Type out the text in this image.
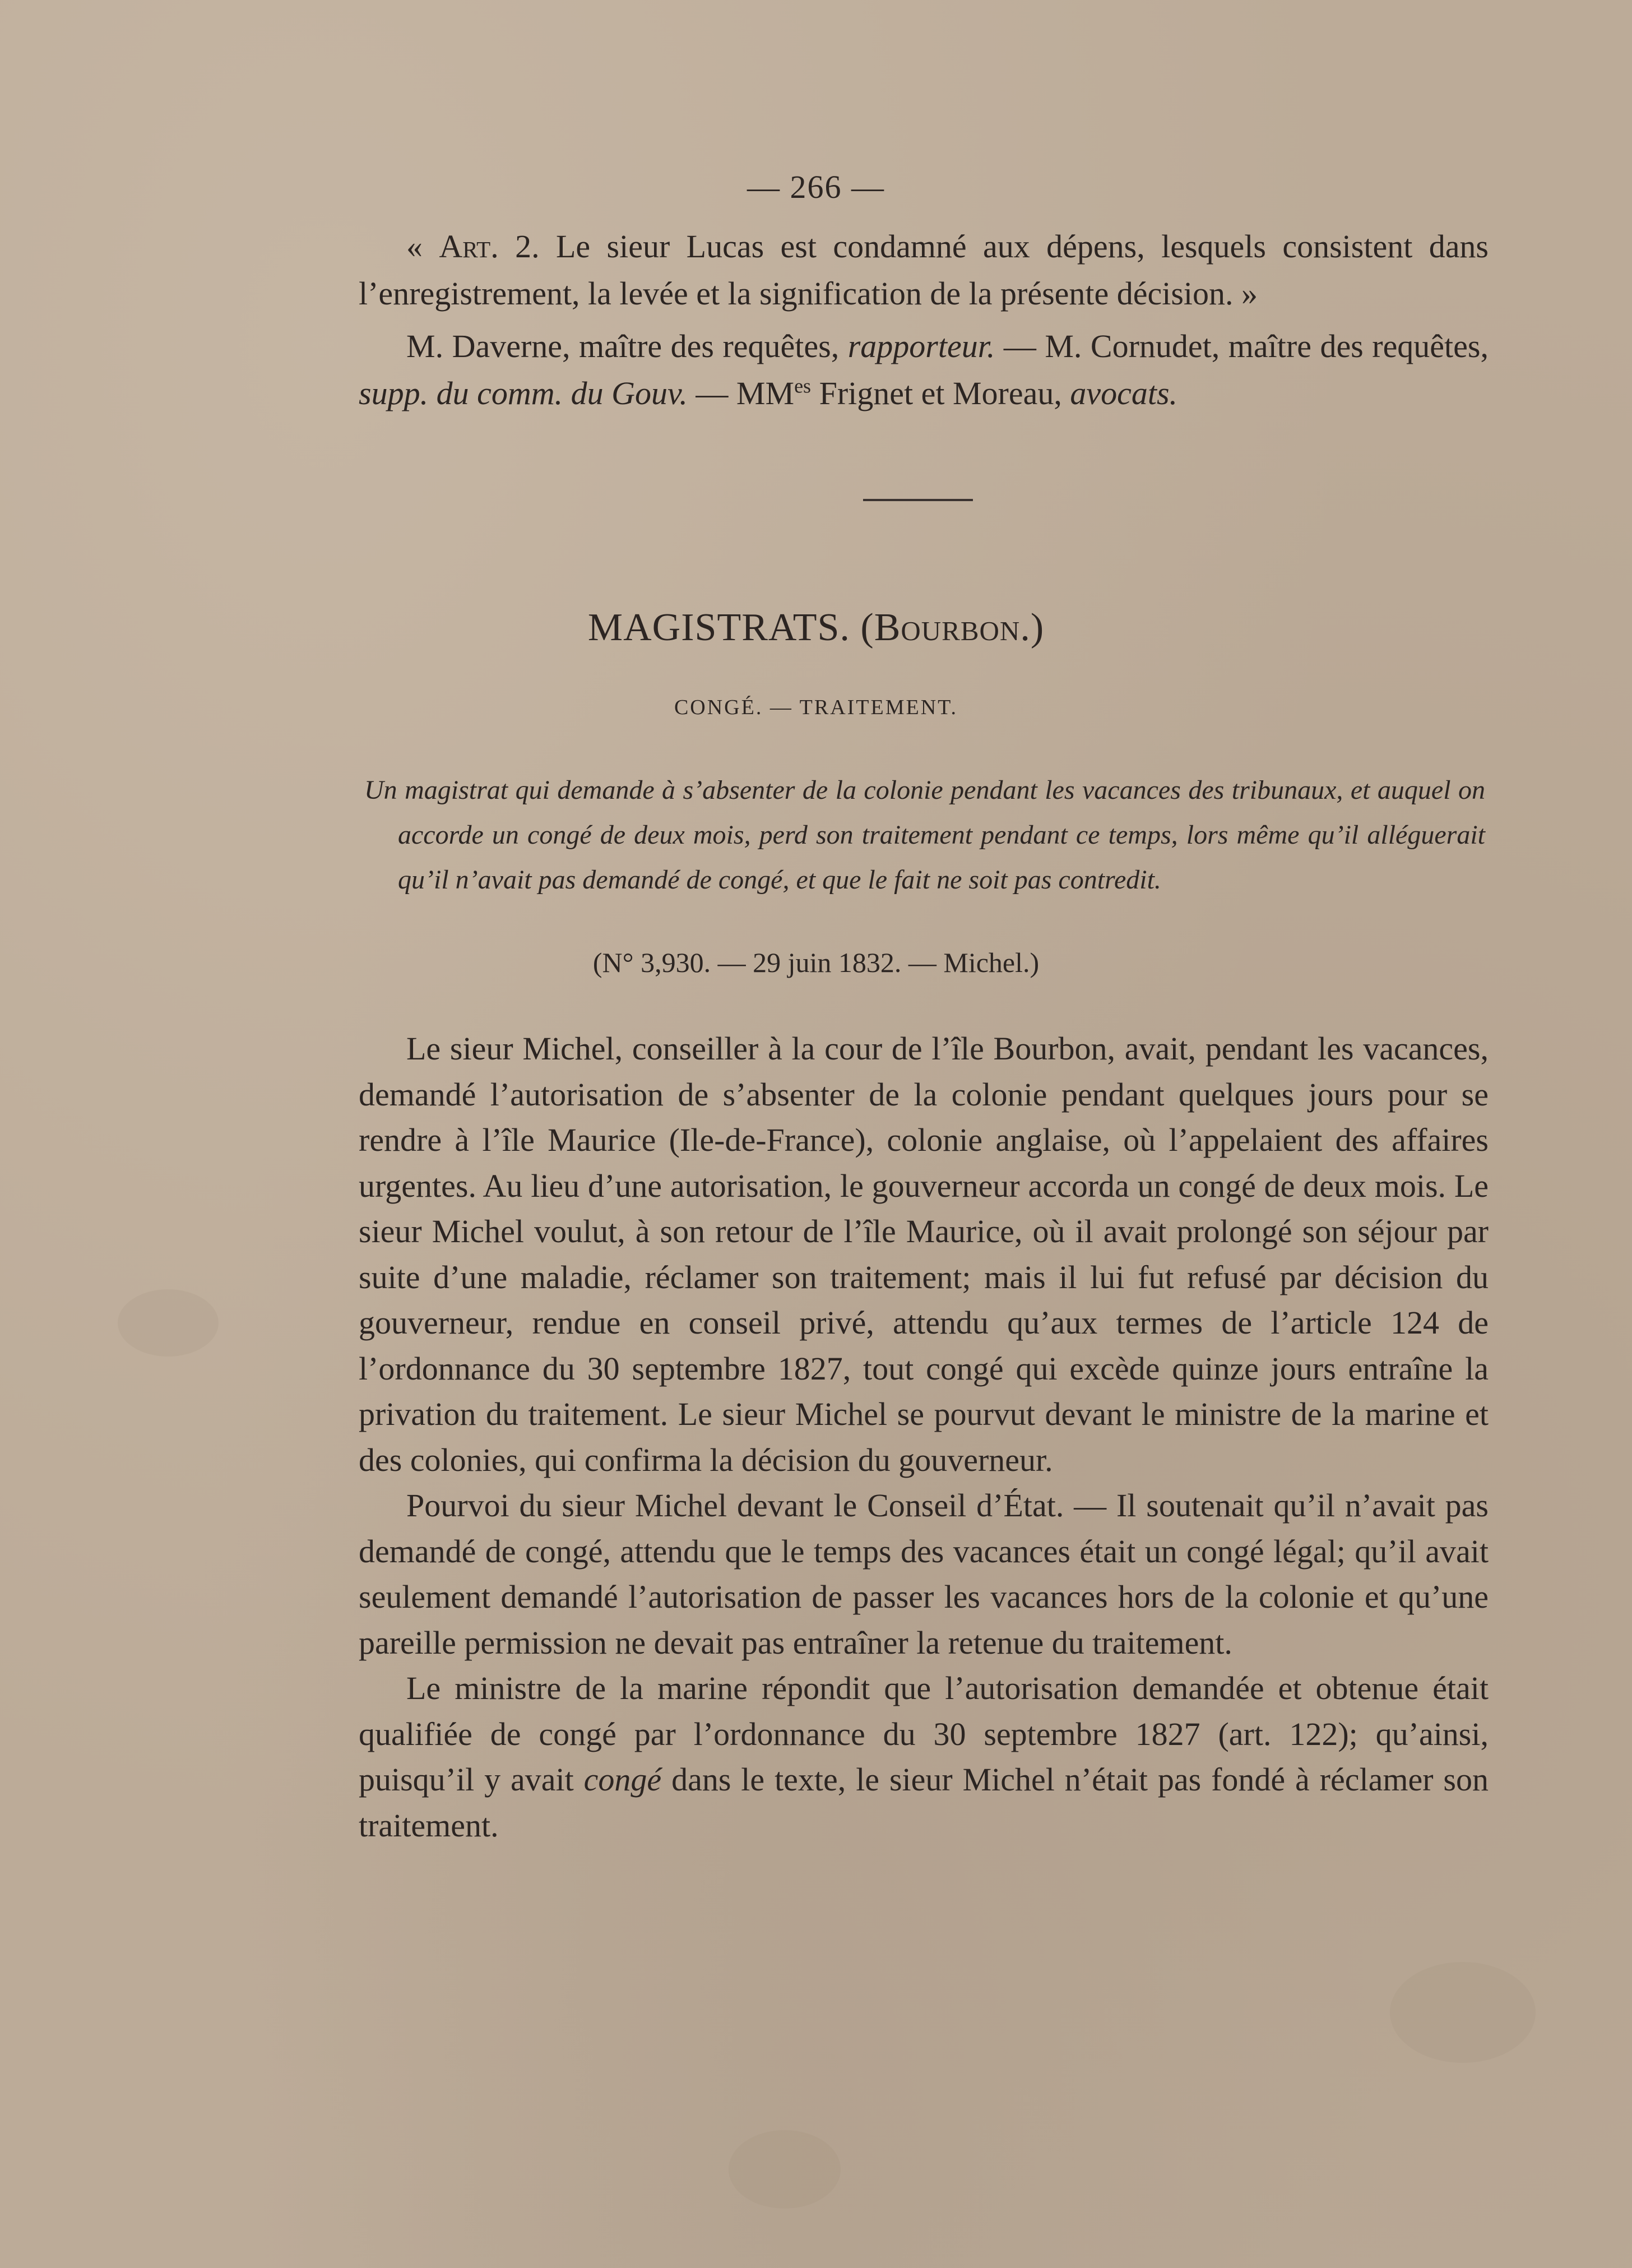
— 266 —

« Art. 2. Le sieur Lucas est condamné aux dépens, lesquels consistent dans l’enregistrement, la levée et la signification de la présente décision. »

M. Daverne, maître des requêtes, rapporteur. — M. Cornudet, maître des requêtes, supp. du comm. du Gouv. — $MM^{es}$ Frignet et Moreau, avocats.

MAGISTRATS. (Bourbon.)
CONGÉ. — TRAITEMENT.

Un magistrat qui demande à s’absenter de la colonie pendant les vacances des tribunaux, et auquel on accorde un congé de deux mois, perd son traitement pendant ce temps, lors même qu’il alléguerait qu’il n’avait pas demandé de congé, et que le fait ne soit pas contredit.

(N° 3,930. — 29 juin 1832. — Michel.)

Le sieur Michel, conseiller à la cour de l’île Bourbon, avait, pendant les vacances, demandé l’autorisation de s’absenter de la colonie pendant quelques jours pour se rendre à l’île Maurice (Ile-de-France), colonie anglaise, où l’appelaient des affaires urgentes. Au lieu d’une autorisation, le gouverneur accorda un congé de deux mois. Le sieur Michel voulut, à son retour de l’île Maurice, où il avait prolongé son séjour par suite d’une maladie, réclamer son traitement; mais il lui fut refusé par décision du gouverneur, rendue en conseil privé, attendu qu’aux termes de l’article 124 de l’ordonnance du 30 septembre 1827, tout congé qui excède quinze jours entraîne la privation du traitement. Le sieur Michel se pourvut devant le ministre de la marine et des colonies, qui confirma la décision du gouverneur.

Pourvoi du sieur Michel devant le Conseil d’État. — Il soutenait qu’il n’avait pas demandé de congé, attendu que le temps des vacances était un congé légal; qu’il avait seulement demandé l’autorisation de passer les vacances hors de la colonie et qu’une pareille permission ne devait pas entraîner la retenue du traitement.

Le ministre de la marine répondit que l’autorisation demandée et obtenue était qualifiée de congé par l’ordonnance du 30 septembre 1827 (art. 122); qu’ainsi, puisqu’il y avait congé dans le texte, le sieur Michel n’était pas fondé à réclamer son traitement.
